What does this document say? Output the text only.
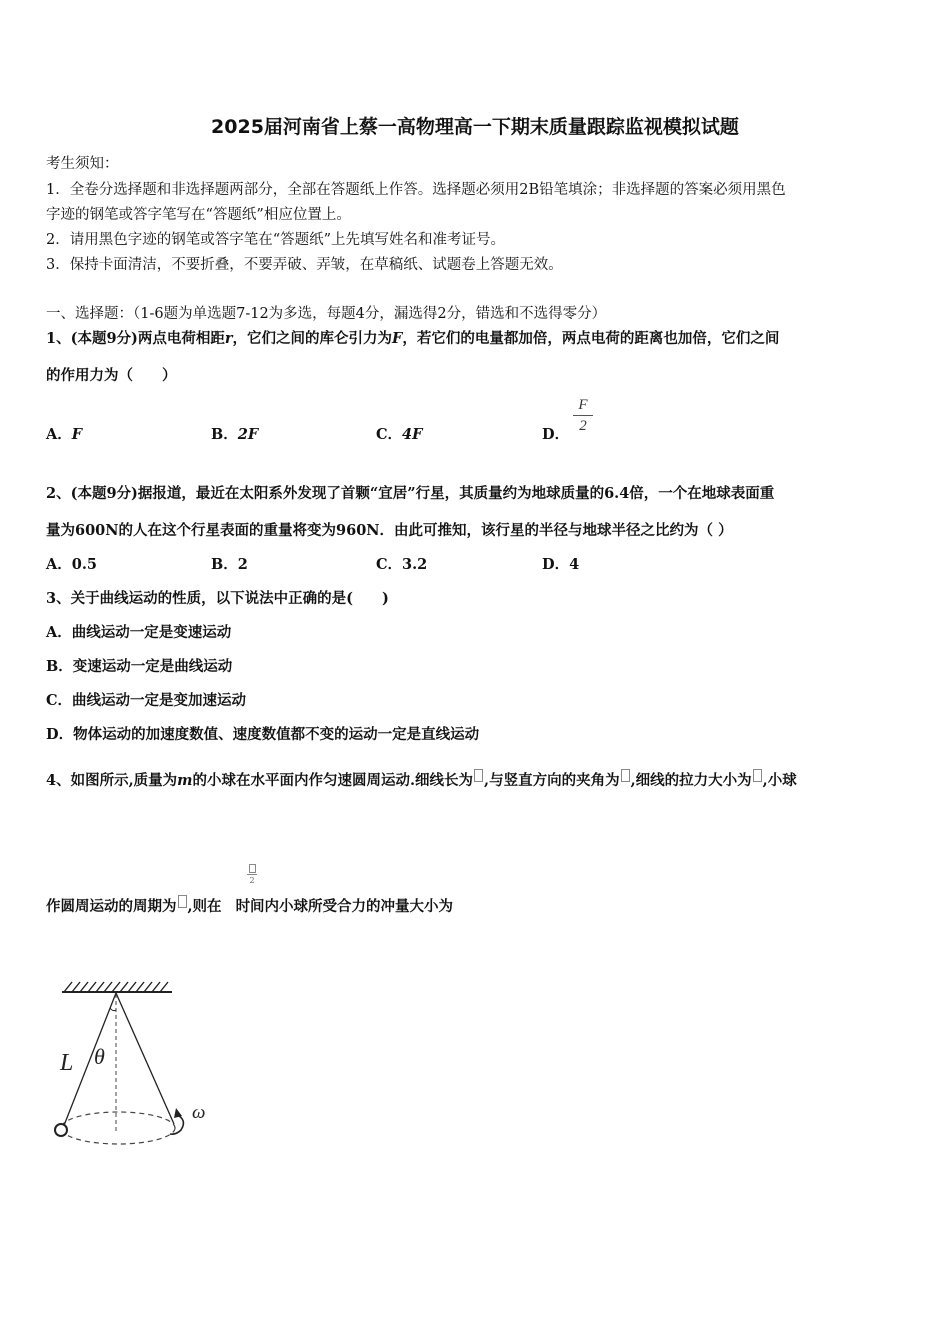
2025届河南省上蔡一高物理高一下期末质量跟踪监视模拟试题
考生须知：
1．全卷分选择题和非选择题两部分，全部在答题纸上作答。选择题必须用2B铅笔填涂；非选择题的答案必须用黑色
字迹的钢笔或答字笔写在“答题纸”相应位置上。
2．请用黑色字迹的钢笔或答字笔在“答题纸”上先填写姓名和准考证号。
3．保持卡面清洁，不要折叠，不要弄破、弄皱，在草稿纸、试题卷上答题无效。
一、选择题：（1-6题为单选题7-12为多选，每题4分，漏选得2分，错选和不选得零分）
1、(本题9分)两点电荷相距r，它们之间的库仑引力为F，若它们的电量都加倍，两点电荷的距离也加倍，它们之间
的作用力为（　　）
A．F	B．2F	C．4F	D．
F
2
2、(本题9分)据报道，最近在太阳系外发现了首颗“宜居”行星，其质量约为地球质量的6.4倍，一个在地球表面重
量为600N的人在这个行星表面的重量将变为960N．由此可推知，该行星的半径与地球半径之比约为（ ）
A．0.5	B．2	C．3.2	D．4
3、关于曲线运动的性质，以下说法中正确的是(　　)
A．曲线运动一定是变速运动
B．变速运动一定是曲线运动
C．曲线运动一定是变加速运动
D．物体运动的加速度数值、速度数值都不变的运动一定是直线运动
4、如图所示,质量为m的小球在水平面内作匀速圆周运动.细线长为 ,与竖直方向的夹角为 ,细线的拉力大小为 ,小球
2
作圆周运动的周期为 ,则在 时间内小球所受合力的冲量大小为
L θ
ω
